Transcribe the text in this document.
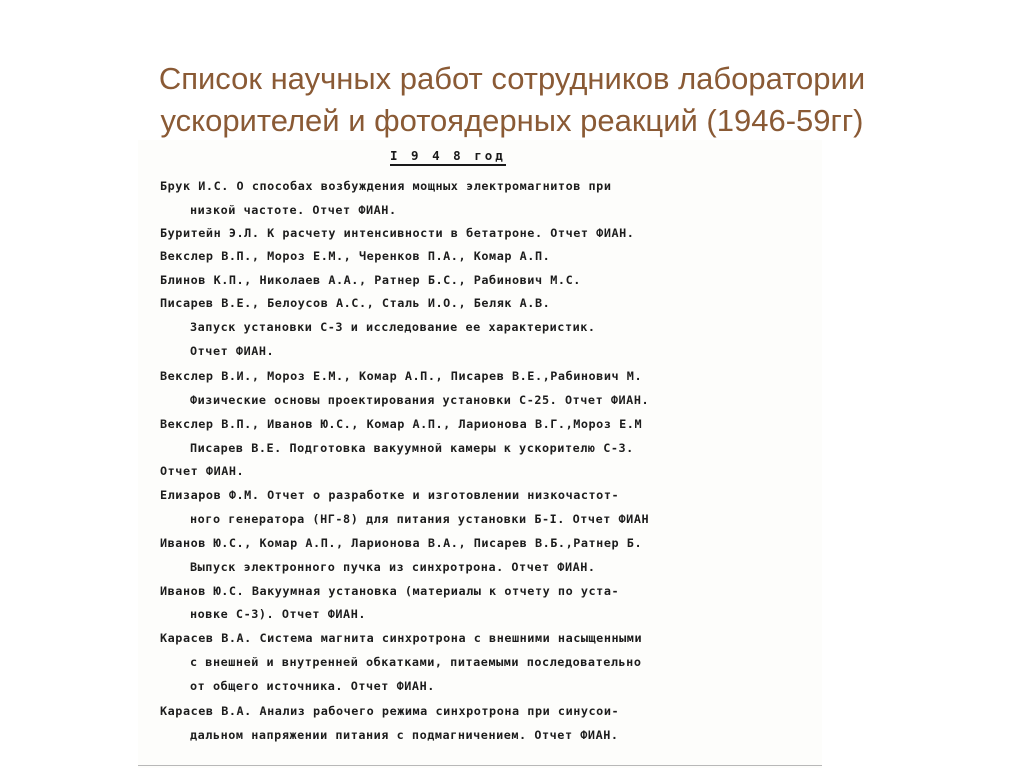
Список научных работ сотрудников лаборатории
ускорителей и фотоядерных реакций (1946-59гг)
I 9 4 8 год
Брук И.С. О способах возбуждения мощных электромагнитов при
низкой частоте. Отчет ФИАН.
Буритейн Э.Л. К расчету интенсивности в бетатроне. Отчет ФИАН.
Векслер В.П., Мороз Е.М., Черенков П.А., Комар А.П.
Блинов К.П., Николаев А.А., Ратнер Б.С., Рабинович М.С.
Писарев В.Е., Белоусов А.С., Сталь И.О., Беляк А.В.
Запуск установки С-3 и исследование ее характеристик.
Отчет ФИАН.
Векслер В.И., Мороз Е.М., Комар А.П., Писарев В.Е.,Рабинович М.
Физические основы проектирования установки С-25. Отчет ФИАН.
Векслер В.П., Иванов Ю.С., Комар А.П., Ларионова В.Г.,Мороз Е.М
Писарев В.Е. Подготовка вакуумной камеры к ускорителю С-3.
Отчет ФИАН.
Елизаров Ф.М. Отчет о разработке и изготовлении низкочастот-
ного генератора (НГ-8) для питания установки Б-I. Отчет ФИАН
Иванов Ю.С., Комар А.П., Ларионова В.А., Писарев В.Б.,Ратнер Б.
Выпуск электронного пучка из синхротрона. Отчет ФИАН.
Иванов Ю.С. Вакуумная установка (материалы к отчету по уста-
новке С-3). Отчет ФИАН.
Карасев В.А. Система магнита синхротрона с внешними насыщенными
с внешней и внутренней обкатками, питаемыми последовательно
от общего источника. Отчет ФИАН.
Карасев В.А. Анализ рабочего режима синхротрона при синусои-
дальном напряжении питания с подмагничением. Отчет ФИАН.
